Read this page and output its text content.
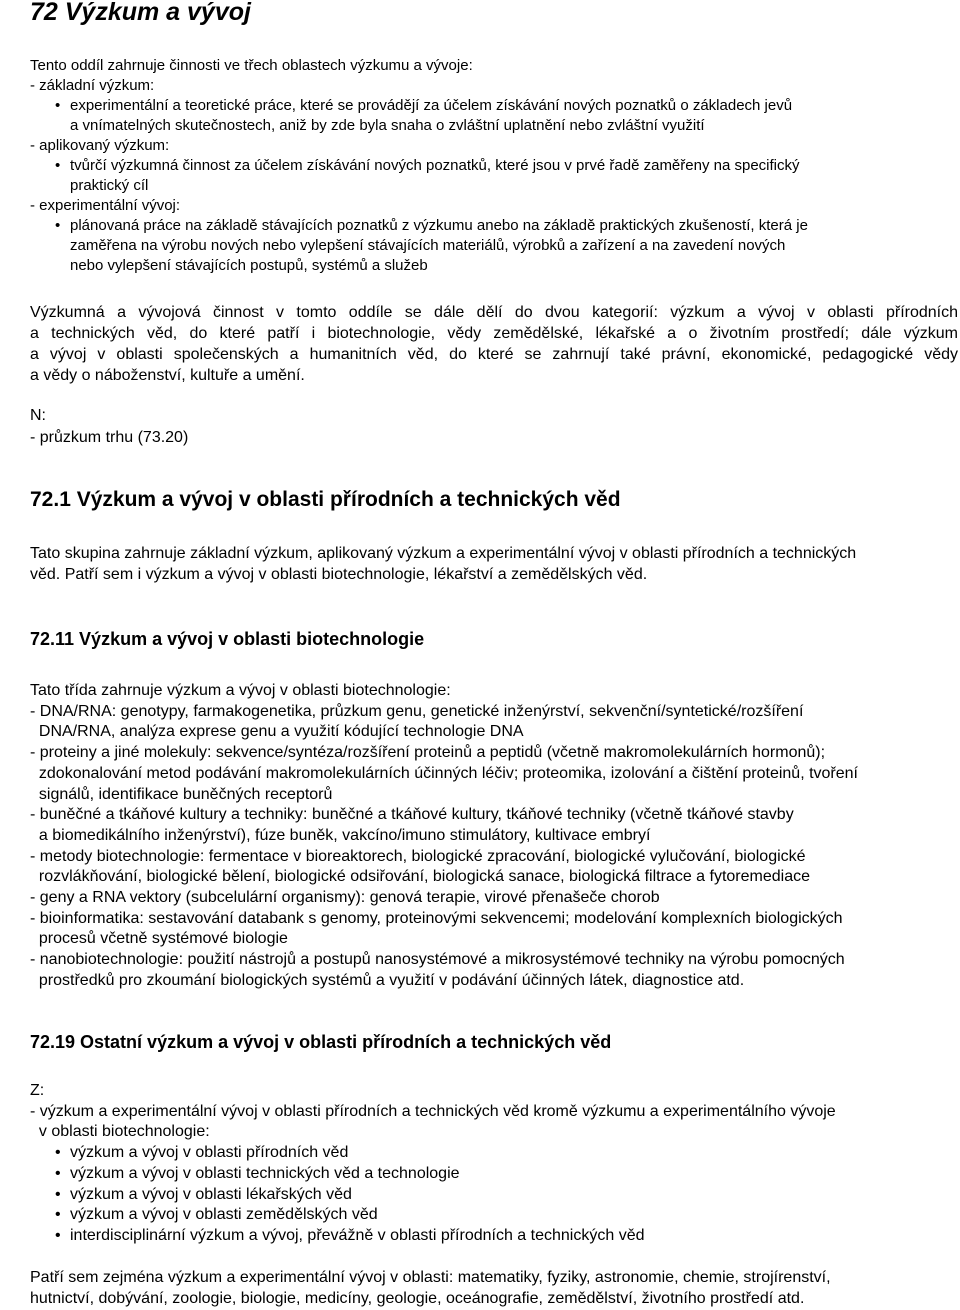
72 Výzkum a vývoj
Tento oddíl zahrnuje činnosti ve třech oblastech výzkumu a vývoje:
- základní výzkum:
• experimentální a teoretické práce, které se provádějí za účelem získávání nových poznatků o základech jevů
a vnímatelných skutečnostech, aniž by zde byla snaha o zvláštní uplatnění nebo zvláštní využití
- aplikovaný výzkum:
• tvůrčí výzkumná činnost za účelem získávání nových poznatků, které jsou v prvé řadě zaměřeny na specifický
praktický cíl
- experimentální vývoj:
• plánovaná práce na základě stávajících poznatků z výzkumu anebo na základě praktických zkušeností, která je
zaměřena na výrobu nových nebo vylepšení stávajících materiálů, výrobků a zařízení a na zavedení nových
nebo vylepšení stávajících postupů, systémů a služeb
Výzkumná a vývojová činnost v tomto oddíle se dále dělí do dvou kategorií: výzkum a vývoj v oblasti přírodních
a technických věd, do které patří i biotechnologie, vědy zemědělské, lékařské a o životním prostředí; dále výzkum
a vývoj v oblasti společenských a humanitních věd, do které se zahrnují také právní, ekonomické, pedagogické vědy
a vědy o náboženství, kultuře a umění.
N:
- průzkum trhu (73.20)
72.1 Výzkum a vývoj v oblasti přírodních a technických věd
Tato skupina zahrnuje základní výzkum, aplikovaný výzkum a experimentální vývoj v oblasti přírodních a technických
věd. Patří sem i výzkum a vývoj v oblasti biotechnologie, lékařství a zemědělských věd.
72.11 Výzkum a vývoj v oblasti biotechnologie
Tato třída zahrnuje výzkum a vývoj v oblasti biotechnologie:
- DNA/RNA: genotypy, farmakogenetika, průzkum genu, genetické inženýrství, sekvenční/syntetické/rozšíření
DNA/RNA, analýza exprese genu a využití kódující technologie DNA
- proteiny a jiné molekuly: sekvence/syntéza/rozšíření proteinů a peptidů (včetně makromolekulárních hormonů);
zdokonalování metod podávání makromolekulárních účinných léčiv; proteomika, izolování a čištění proteinů, tvoření
signálů, identifikace buněčných receptorů
- buněčné a tkáňové kultury a techniky: buněčné a tkáňové kultury, tkáňové techniky (včetně tkáňové stavby
a biomedikálního inženýrství), fúze buněk, vakcíno/imuno stimulátory, kultivace embryí
- metody biotechnologie: fermentace v bioreaktorech, biologické zpracování, biologické vylučování, biologické
rozvlákňování, biologické bělení, biologické odsiřování, biologická sanace, biologická filtrace a fytoremediace
- geny a RNA vektory (subcelulární organismy): genová terapie, virové přenašeče chorob
- bioinformatika: sestavování databank s genomy, proteinovými sekvencemi; modelování komplexních biologických
procesů včetně systémové biologie
- nanobiotechnologie: použití nástrojů a postupů nanosystémové a mikrosystémové techniky na výrobu pomocných
prostředků pro zkoumání biologických systémů a využití v podávání účinných látek, diagnostice atd.
72.19 Ostatní výzkum a vývoj v oblasti přírodních a technických věd
Z:
- výzkum a experimentální vývoj v oblasti přírodních a technických věd kromě výzkumu a experimentálního vývoje
v oblasti biotechnologie:
• výzkum a vývoj v oblasti přírodních věd
• výzkum a vývoj v oblasti technických věd a technologie
• výzkum a vývoj v oblasti lékařských věd
• výzkum a vývoj v oblasti zemědělských věd
• interdisciplinární výzkum a vývoj, převážně v oblasti přírodních a technických věd
Patří sem zejména výzkum a experimentální vývoj v oblasti: matematiky, fyziky, astronomie, chemie, strojírenství,
hutnictví, dobývání, zoologie, biologie, medicíny, geologie, oceánografie, zemědělství, životního prostředí atd.
